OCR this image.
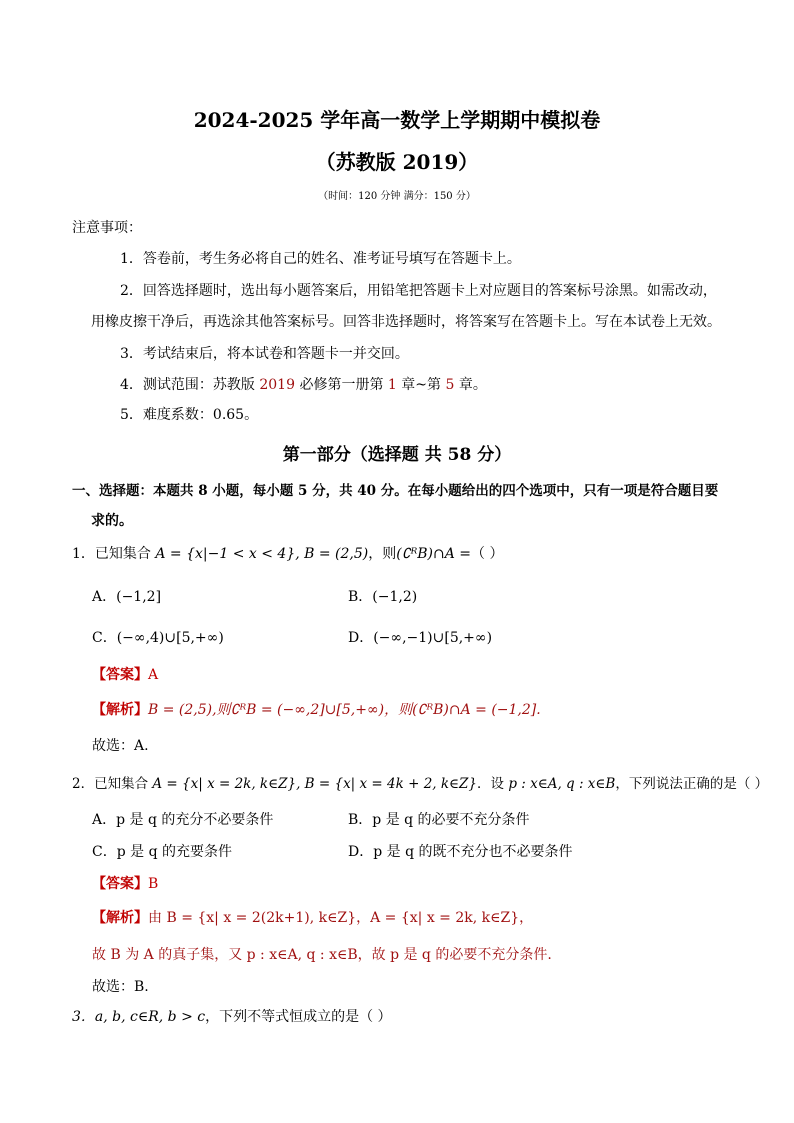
2024-2025 学年高一数学上学期期中模拟卷
（苏教版 2019）
（时间：120 分钟 满分：150 分）
注意事项：
1．答卷前，考生务必将自己的姓名、准考证号填写在答题卡上。
2．回答选择题时，选出每小题答案后，用铅笔把答题卡上对应题目的答案标号涂黑。如需改动，
用橡皮擦干净后，再选涂其他答案标号。回答非选择题时，将答案写在答题卡上。写在本试卷上无效。
3．考试结束后，将本试卷和答题卡一并交回。
4．测试范围：苏教版 2019 必修第一册第 1 章~第 5 章。
5．难度系数：0.65。
第一部分（选择题 共 58 分）
一、选择题：本题共 8 小题，每小题 5 分，共 40 分。在每小题给出的四个选项中，只有一项是符合题目要
求的。
1．已知集合 A = {x|−1 < x < 4}, B = (2,5)，则(∁ᴿB)∩A =（ ）
A．(−1,2]	B．(−1,2)
C．(−∞,4)∪[5,+∞)	D．(−∞,−1)∪[5,+∞)
【答案】A
【解析】B = (2,5),则∁ᴿB = (−∞,2]∪[5,+∞)，则(∁ᴿB)∩A = (−1,2].
故选：A.
2．已知集合 A = {x| x = 2k, k∈Z}, B = {x| x = 4k + 2, k∈Z}．设 p : x∈A, q : x∈B，下列说法正确的是（ ）
A．p 是 q 的充分不必要条件	B．p 是 q 的必要不充分条件
C．p 是 q 的充要条件	D．p 是 q 的既不充分也不必要条件
【答案】B
【解析】由 B = {x| x = 2(2k+1), k∈Z}，A = {x| x = 2k, k∈Z}，
故 B 为 A 的真子集，又 p : x∈A, q : x∈B，故 p 是 q 的必要不充分条件.
故选：B.
3．a, b, c∈R, b > c，下列不等式恒成立的是（ ）
